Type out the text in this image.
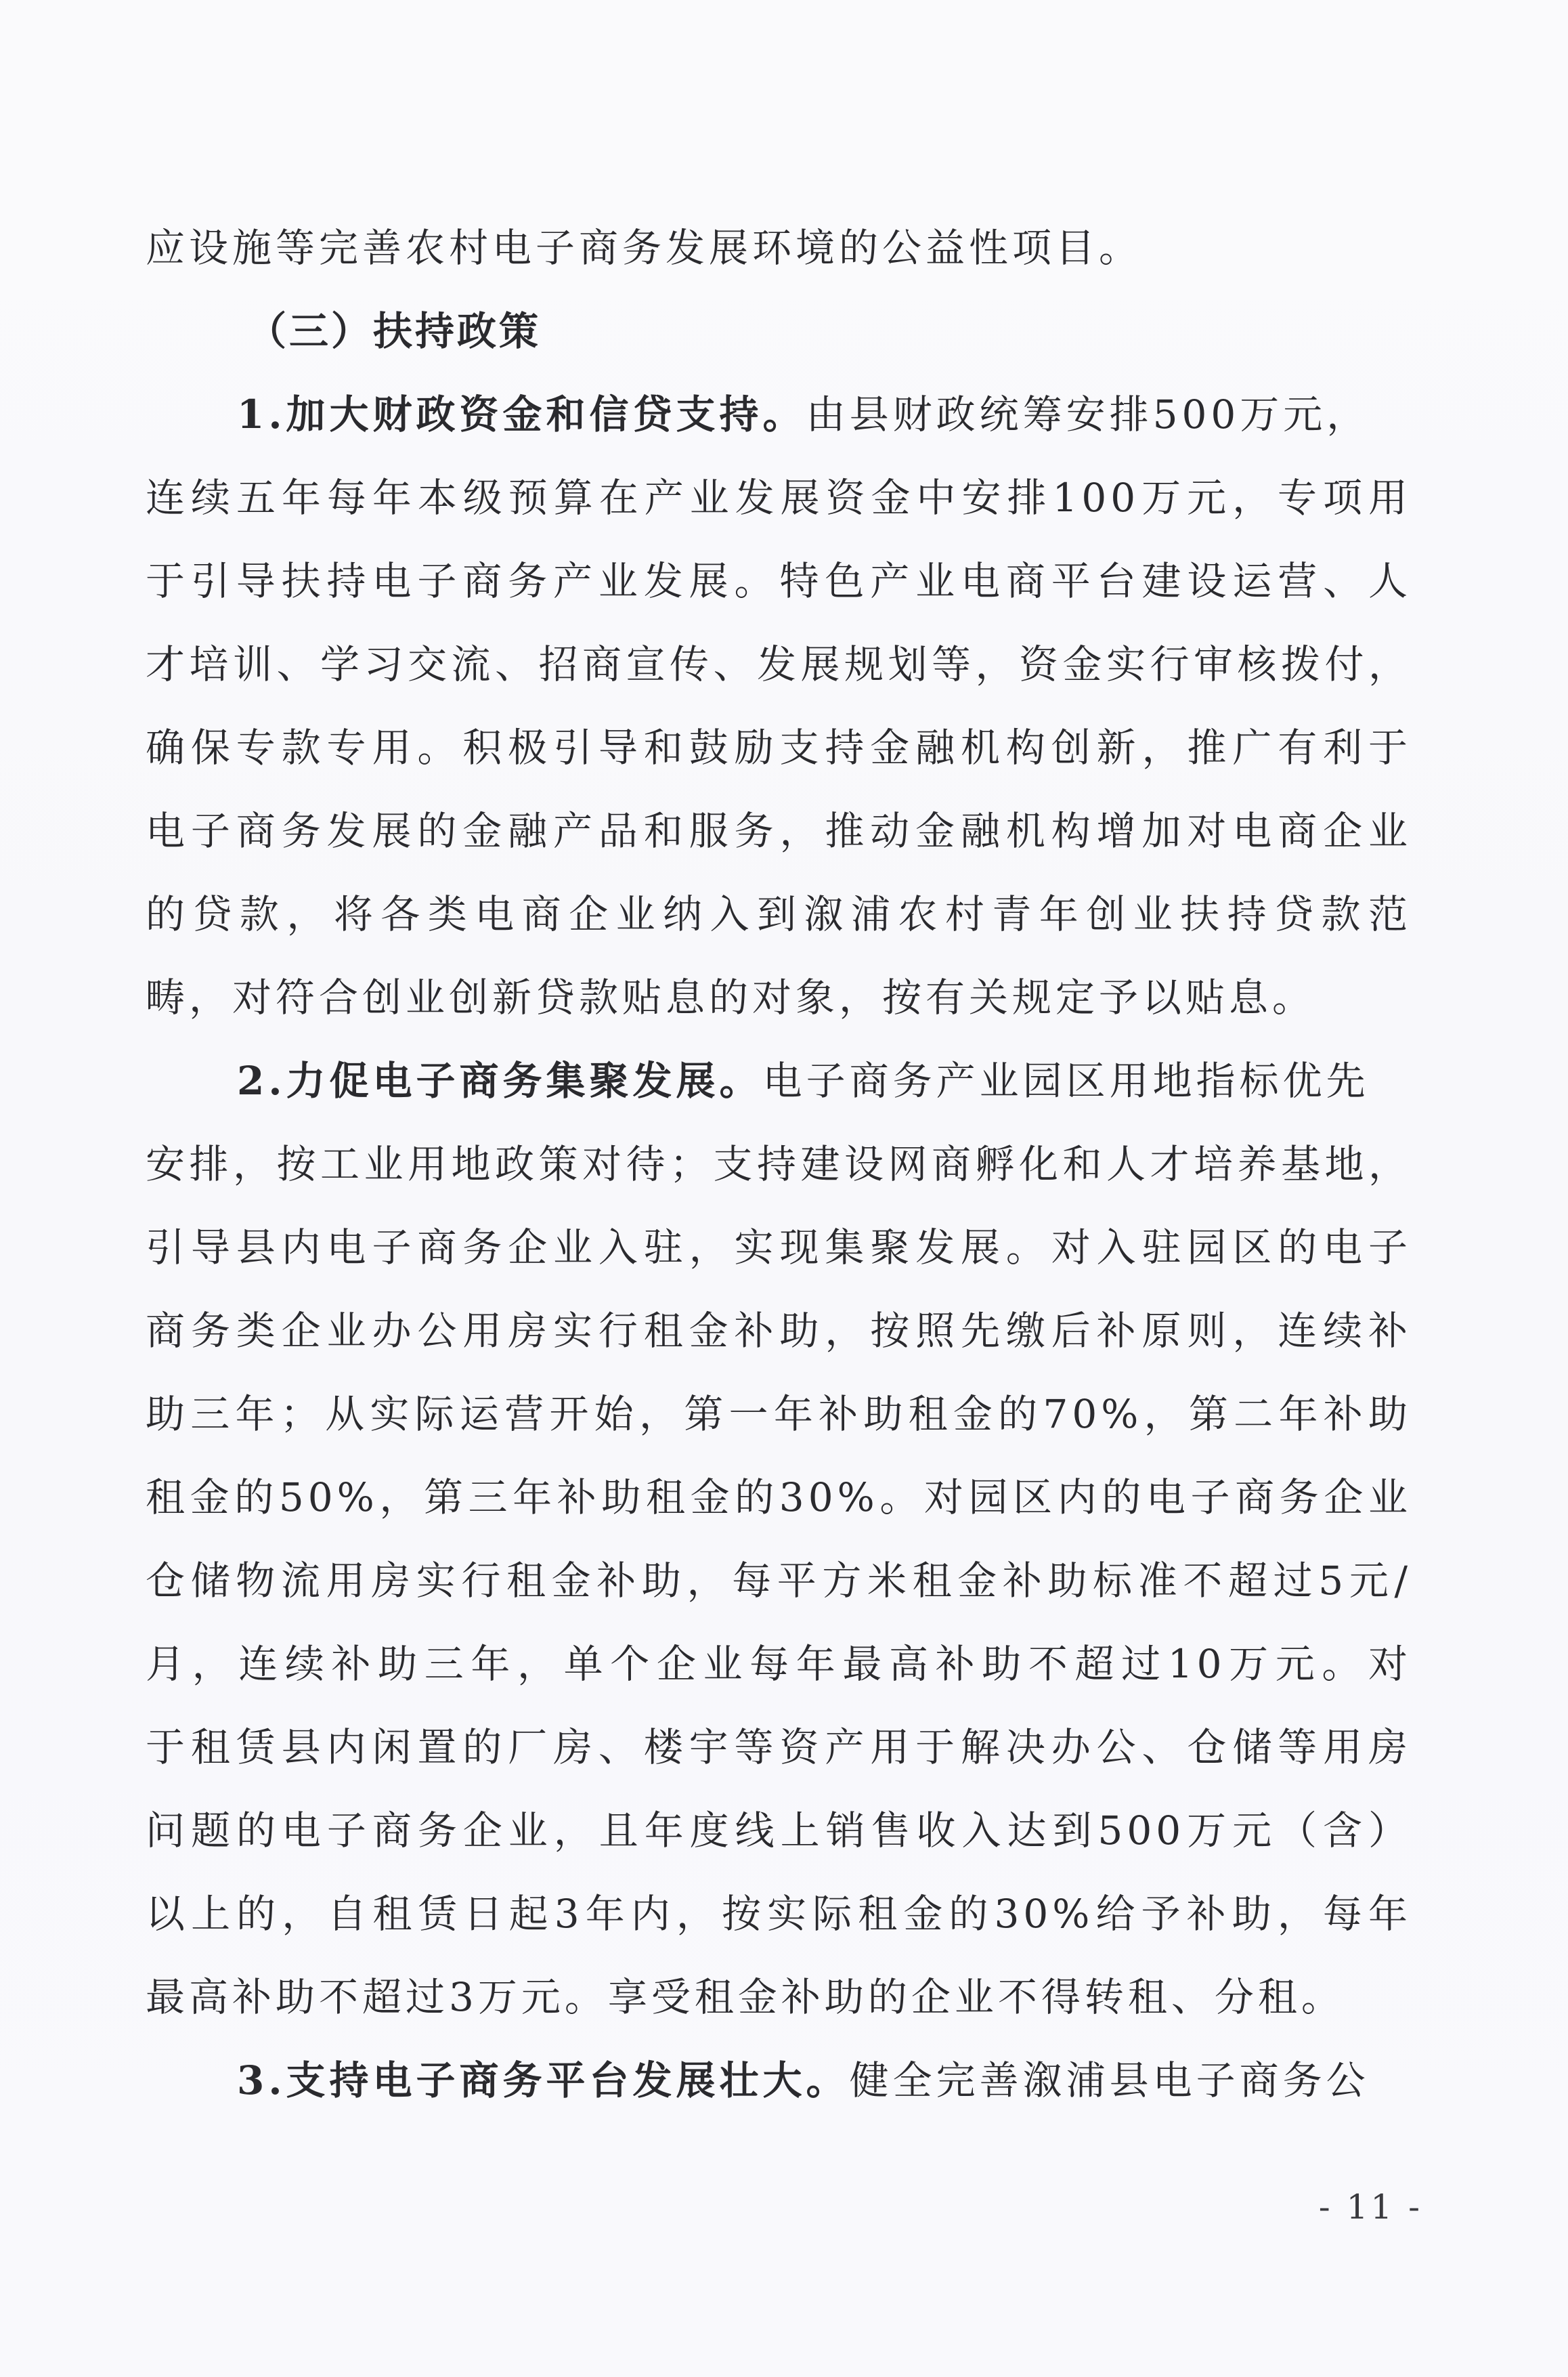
应设施等完善农村电子商务发展环境的公益性项目。
（三）扶持政策
1.加大财政资金和信贷支持。由县财政统筹安排500万元，
连续五年每年本级预算在产业发展资金中安排100万元，专项用
于引导扶持电子商务产业发展。特色产业电商平台建设运营、人
才培训、学习交流、招商宣传、发展规划等，资金实行审核拨付，
确保专款专用。积极引导和鼓励支持金融机构创新，推广有利于
电子商务发展的金融产品和服务，推动金融机构增加对电商企业
的贷款，将各类电商企业纳入到溆浦农村青年创业扶持贷款范
畴，对符合创业创新贷款贴息的对象，按有关规定予以贴息。
2.力促电子商务集聚发展。电子商务产业园区用地指标优先
安排，按工业用地政策对待；支持建设网商孵化和人才培养基地，
引导县内电子商务企业入驻，实现集聚发展。对入驻园区的电子
商务类企业办公用房实行租金补助，按照先缴后补原则，连续补
助三年；从实际运营开始，第一年补助租金的70%，第二年补助
租金的50%，第三年补助租金的30%。对园区内的电子商务企业
仓储物流用房实行租金补助，每平方米租金补助标准不超过5元/
月，连续补助三年，单个企业每年最高补助不超过10万元。对
于租赁县内闲置的厂房、楼宇等资产用于解决办公、仓储等用房
问题的电子商务企业，且年度线上销售收入达到500万元（含）
以上的，自租赁日起3年内，按实际租金的30%给予补助，每年
最高补助不超过3万元。享受租金补助的企业不得转租、分租。
3.支持电子商务平台发展壮大。健全完善溆浦县电子商务公
- 11 -
